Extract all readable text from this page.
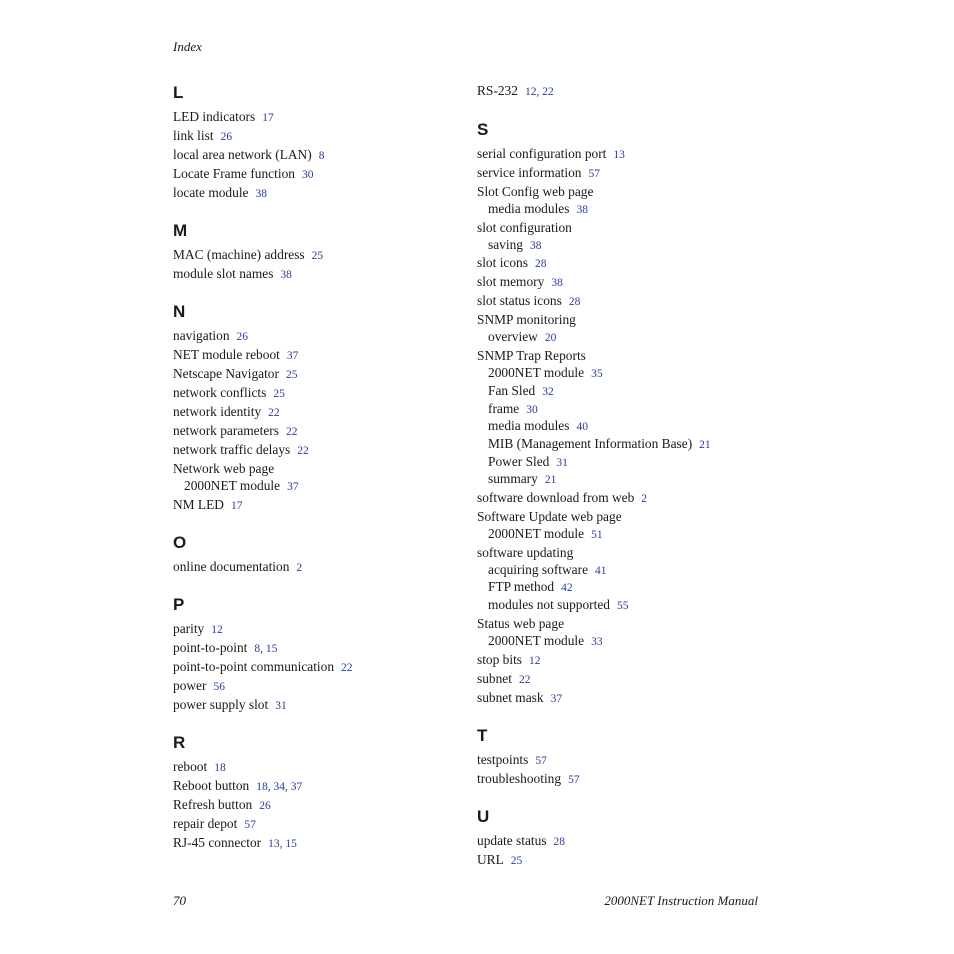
Index
L
LED indicators 17
link list 26
local area network (LAN) 8
Locate Frame function 30
locate module 38
M
MAC (machine) address 25
module slot names 38
N
navigation 26
NET module reboot 37
Netscape Navigator 25
network conflicts 25
network identity 22
network parameters 22
network traffic delays 22
Network web page
2000NET module 37
NM LED 17
O
online documentation 2
P
parity 12
point-to-point 8, 15
point-to-point communication 22
power 56
power supply slot 31
R
reboot 18
Reboot button 18, 34, 37
Refresh button 26
repair depot 57
RJ-45 connector 13, 15
RS-232 12, 22
S
serial configuration port 13
service information 57
Slot Config web page
media modules 38
slot configuration
saving 38
slot icons 28
slot memory 38
slot status icons 28
SNMP monitoring
overview 20
SNMP Trap Reports
2000NET module 35
Fan Sled 32
frame 30
media modules 40
MIB (Management Information Base) 21
Power Sled 31
summary 21
software download from web 2
Software Update web page
2000NET module 51
software updating
acquiring software 41
FTP method 42
modules not supported 55
Status web page
2000NET module 33
stop bits 12
subnet 22
subnet mask 37
T
testpoints 57
troubleshooting 57
U
update status 28
URL 25
70	2000NET Instruction Manual
